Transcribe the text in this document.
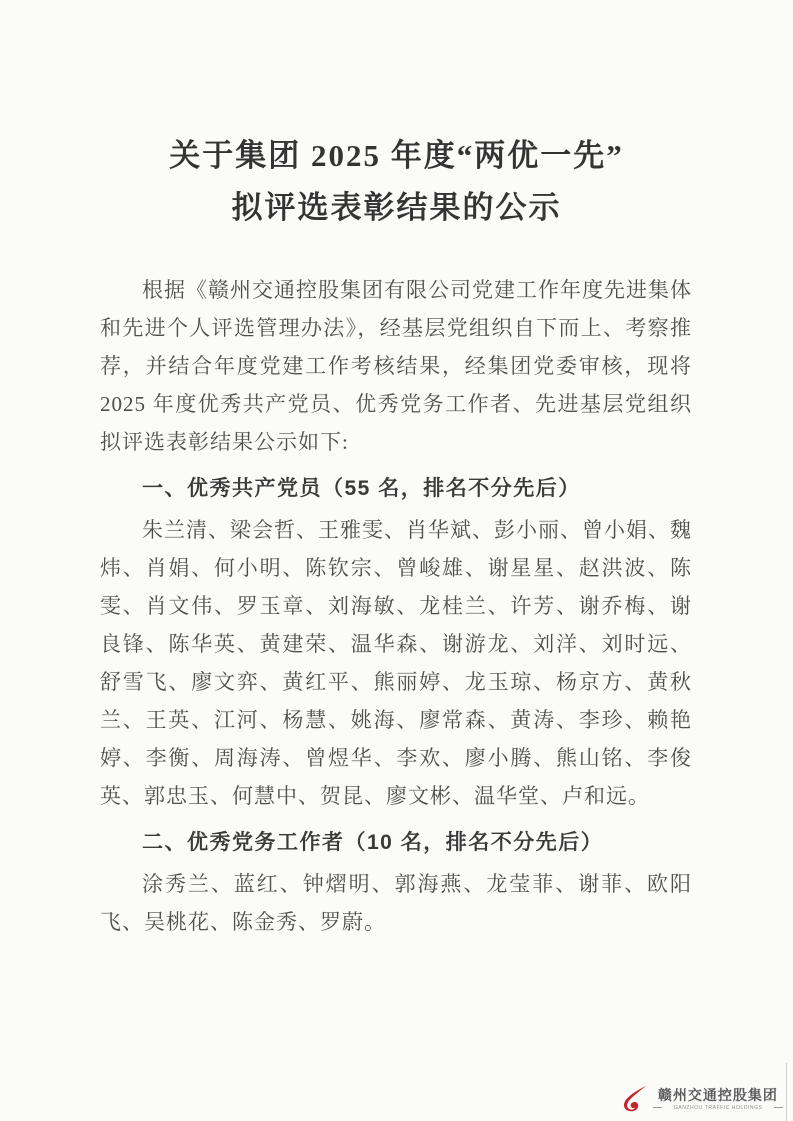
关于集团 2025 年度“两优一先”
拟评选表彰结果的公示

根据《赣州交通控股集团有限公司党建工作年度先进集体和先进个人评选管理办法》，经基层党组织自下而上、考察推荐，并结合年度党建工作考核结果，经集团党委审核，现将 2025 年度优秀共产党员、优秀党务工作者、先进基层党组织拟评选表彰结果公示如下:

一、优秀共产党员（55 名，排名不分先后）

朱兰清、梁会哲、王雅雯、肖华斌、彭小丽、曾小娟、魏炜、肖娟、何小明、陈钦宗、曾峻雄、谢星星、赵洪波、陈雯、肖文伟、罗玉章、刘海敏、龙桂兰、许芳、谢乔梅、谢良锋、陈华英、黄建荣、温华森、谢游龙、刘洋、刘时远、舒雪飞、廖文弈、黄红平、熊丽婷、龙玉琼、杨京方、黄秋兰、王英、江河、杨慧、姚海、廖常森、黄涛、李珍、赖艳婷、李衡、周海涛、曾煜华、李欢、廖小腾、熊山铭、李俊英、郭忠玉、何慧中、贺昆、廖文彬、温华堂、卢和远。

二、优秀党务工作者（10 名，排名不分先后）

涂秀兰、蓝红、钟熠明、郭海燕、龙莹菲、谢菲、欧阳飞、吴桃花、陈金秀、罗蔚。

赣州交通控股集团
GANZHOU TRAFFIC HOLDINGS
